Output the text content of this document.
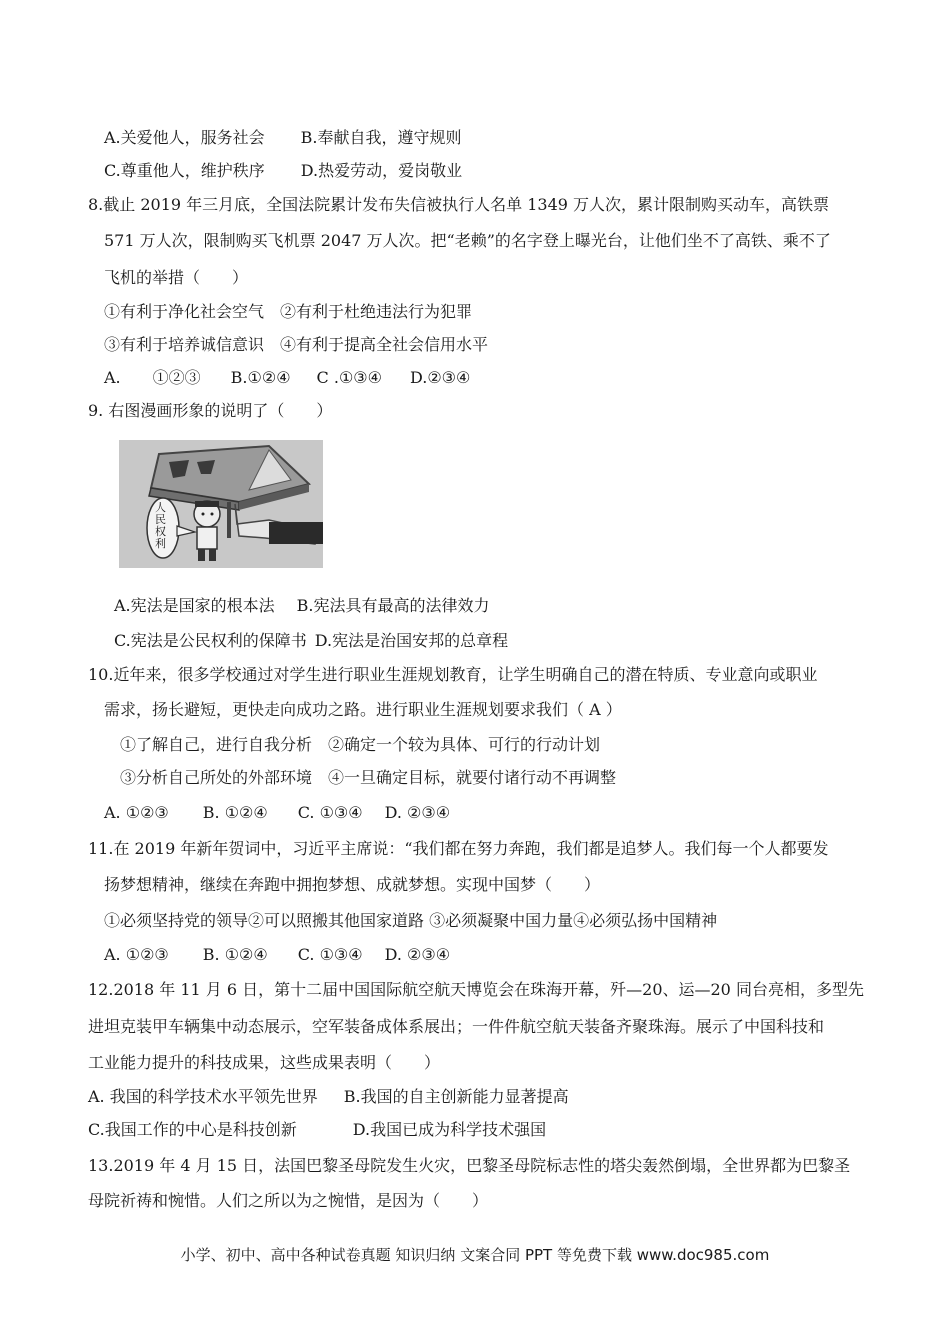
A.关爱他人，服务社会 B.奉献自我，遵守规则
C.尊重他人，维护秩序 D.热爱劳动，爱岗敬业
8.截止 2019 年三月底，全国法院累计发布失信被执行人名单 1349 万人次，累计限制购买动车，高铁票
571 万人次，限制购买飞机票 2047 万人次。把“老赖”的名字登上曝光台，让他们坐不了高铁、乘不了
飞机的举措（　　）
①有利于净化社会空气 ②有利于杜绝违法行为犯罪
③有利于培养诚信意识 ④有利于提高全社会信用水平
A.　　①②③ B.①②④ C .①③④ D.②③④
9. 右图漫画形象的说明了（　　）
人民权利
A.宪法是国家的根本法 B.宪法具有最高的法律效力
C.宪法是公民权利的保障书 D.宪法是治国安邦的总章程
10.近年来，很多学校通过对学生进行职业生涯规划教育，让学生明确自己的潜在特质、专业意向或职业
需求，扬长避短，更快走向成功之路。进行职业生涯规划要求我们（ A ）
①了解自己，进行自我分析 ②确定一个较为具体、可行的行动计划
③分析自己所处的外部环境 ④一旦确定目标，就要付诸行动不再调整
A. ①②③ B. ①②④ C. ①③④ D. ②③④
11.在 2019 年新年贺词中，习近平主席说：“我们都在努力奔跑，我们都是追梦人。我们每一个人都要发
扬梦想精神，继续在奔跑中拥抱梦想、成就梦想。实现中国梦（　　）
①必须坚持党的领导②可以照搬其他国家道路 ③必须凝聚中国力量④必须弘扬中国精神
A. ①②③ B. ①②④ C. ①③④ D. ②③④
12.2018 年 11 月 6 日，第十二届中国国际航空航天博览会在珠海开幕，歼—20、运—20 同台亮相，多型先
进坦克装甲车辆集中动态展示，空军装备成体系展出；一件件航空航天装备齐聚珠海。展示了中国科技和
工业能力提升的科技成果，这些成果表明（　　）
A. 我国的科学技术水平领先世界 B.我国的自主创新能力显著提高
C.我国工作的中心是科技创新	D.我国已成为科学技术强国
13.2019 年 4 月 15 日，法国巴黎圣母院发生火灾，巴黎圣母院标志性的塔尖轰然倒塌，全世界都为巴黎圣
母院祈祷和惋惜。人们之所以为之惋惜，是因为（　　）
小学、初中、高中各种试卷真题 知识归纳 文案合同 PPT 等免费下载 www.doc985.com
